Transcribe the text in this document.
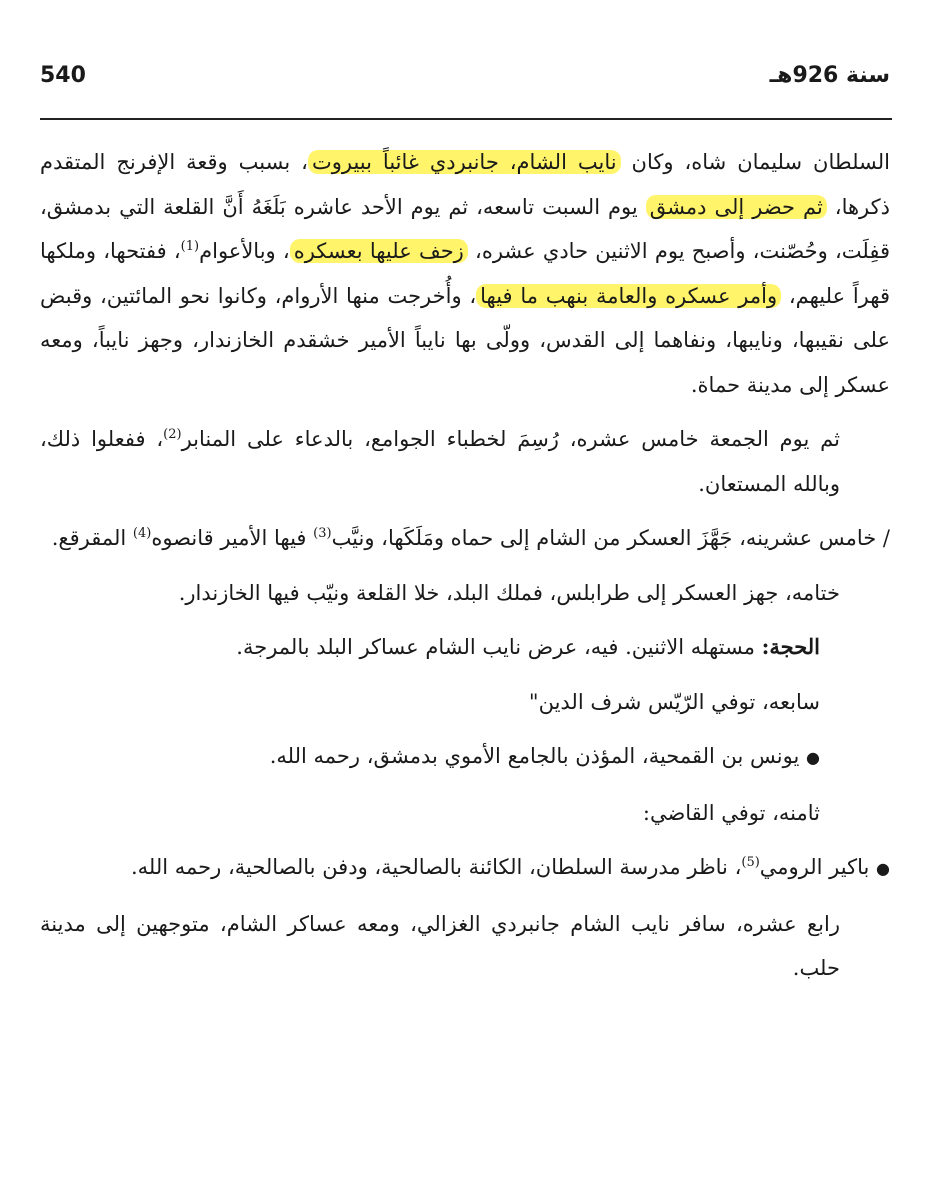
540	سنة 926هـ

السلطان سليمان شاه، وكان نايب الشام، جانبردي غائباً ببيروت، بسبب وقعة الإفرنج المتقدم ذكرها، ثم حضر إلى دمشق يوم السبت تاسعه، ثم يوم الأحد عاشره بَلَغَهُ أَنَّ القلعة التي بدمشق، قفِلَت، وحُصّنت، وأصبح يوم الاثنين حادي عشره، زحف عليها بعسكره، وبالأعوام$^{(1)}$، ففتحها، وملكها قهراً عليهم، وأمر عسكره والعامة بنهب ما فيها، وأُخرجت منها الأروام، وكانوا نحو المائتين، وقبض على نقيبها، ونايبها، ونفاهما إلى القدس، وولّى بها نايباً الأمير خشقدم الخازندار، وجهز نايباً، ومعه عسكر إلى مدينة حماة.

ثم يوم الجمعة خامس عشره، رُسِمَ لخطباء الجوامع، بالدعاء على المنابر$^{(2)}$، ففعلوا ذلك، وبالله المستعان.

/ خامس عشرينه، جَهَّزَ العسكر من الشام إلى حماه ومَلَكَها، ونيَّب$^{(3)}$ فيها الأمير قانصوه$^{(4)}$ المقرقع.

ختامه، جهز العسكر إلى طرابلس، فملك البلد، خلا القلعة ونيّب فيها الخازندار.

الحجة: مستهله الاثنين. فيه، عرض نايب الشام عساكر البلد بالمرجة.

سابعه، توفي الرّيّس شرف الدين"

● يونس بن القمحية، المؤذن بالجامع الأموي بدمشق، رحمه الله.

ثامنه، توفي القاضي:

● باكير الرومي$^{(5)}$، ناظر مدرسة السلطان، الكائنة بالصالحية، ودفن بالصالحية، رحمه الله.

رابع عشره، سافر نايب الشام جانبردي الغزالي، ومعه عساكر الشام، متوجهين إلى مدينة حلب.
